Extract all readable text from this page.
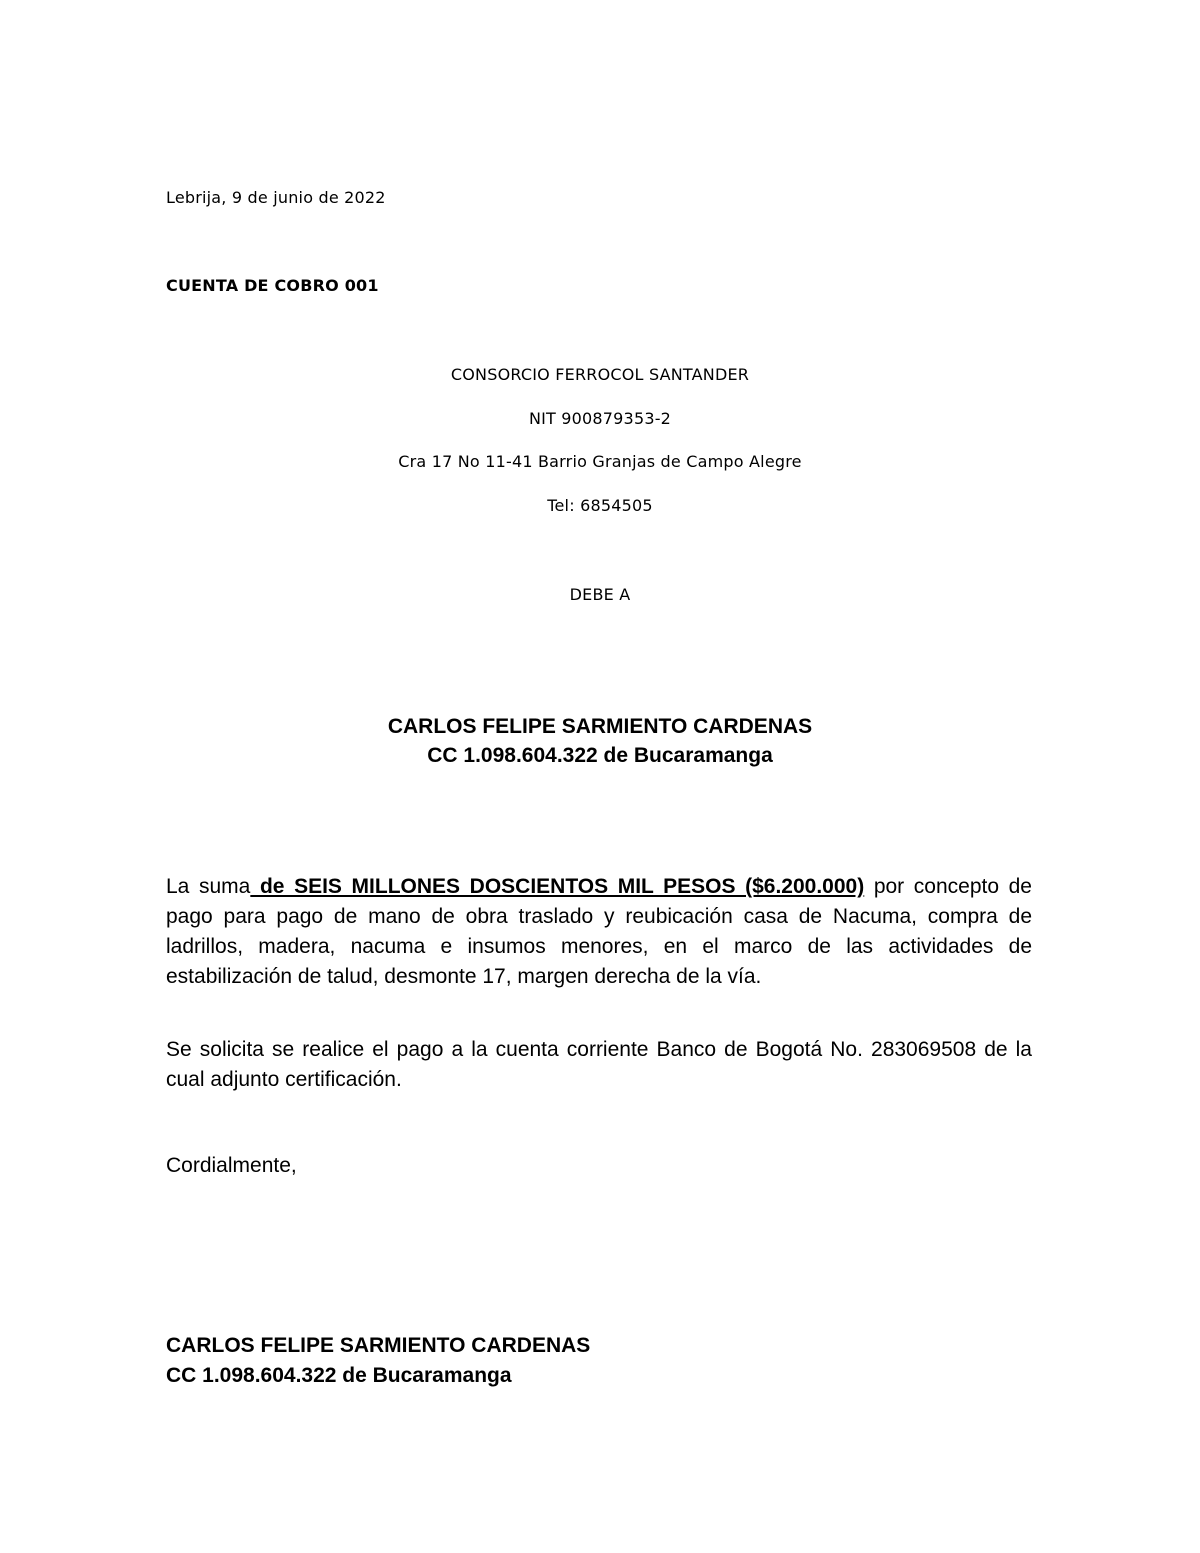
Lebrija, 9 de junio de 2022
CUENTA DE COBRO 001
CONSORCIO FERROCOL SANTANDER
NIT 900879353-2
Cra 17 No 11-41 Barrio Granjas de Campo Alegre
Tel: 6854505
DEBE A
CARLOS FELIPE SARMIENTO CARDENAS
CC 1.098.604.322 de Bucaramanga
La suma de SEIS MILLONES DOSCIENTOS MIL PESOS ($6.200.000) por concepto de pago para pago de mano de obra traslado y reubicación casa de Nacuma, compra de ladrillos, madera, nacuma e insumos menores, en el marco de las actividades de estabilización de talud, desmonte 17, margen derecha de la vía.
Se solicita se realice el pago a la cuenta corriente Banco de Bogotá No. 283069508 de la cual adjunto certificación.
Cordialmente,
CARLOS FELIPE SARMIENTO CARDENAS
CC 1.098.604.322 de Bucaramanga
